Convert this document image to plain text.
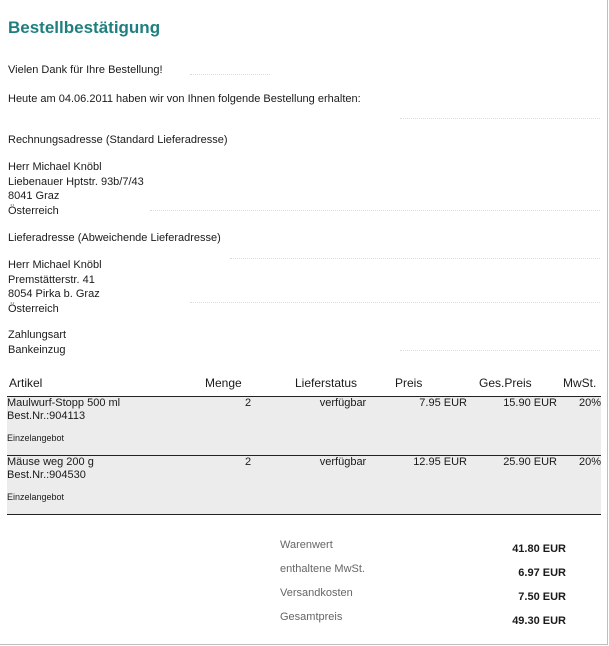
Bestellbestätigung

Vielen Dank für Ihre Bestellung!

Heute am 04.06.2011 haben wir von Ihnen folgende Bestellung erhalten:

Rechnungsadresse (Standard Lieferadresse)

Herr Michael Knöbl
Liebenauer Hptstr. 93b/7/43
8041 Graz
Österreich

Lieferadresse (Abweichende Lieferadresse)

Herr Michael Knöbl
Premstätterstr. 41
8054 Pirka b. Graz
Österreich
Zahlungsart
Bankeinzug
Artikel	Menge	Lieferstatus	Preis	Ges.Preis	MwSt.
Maulwurf-Stopp 500 ml
Best.Nr.:904113
Einzelangebot	2	verfügbar	7.95 EUR	15.90 EUR	20%
Mäuse weg 200 g
Best.Nr.:904530
Einzelangebot	2	verfügbar	12.95 EUR	25.90 EUR	20%
Warenwert	41.80 EUR
enthaltene MwSt.	6.97 EUR
Versandkosten	7.50 EUR
Gesamtpreis	49.30 EUR
